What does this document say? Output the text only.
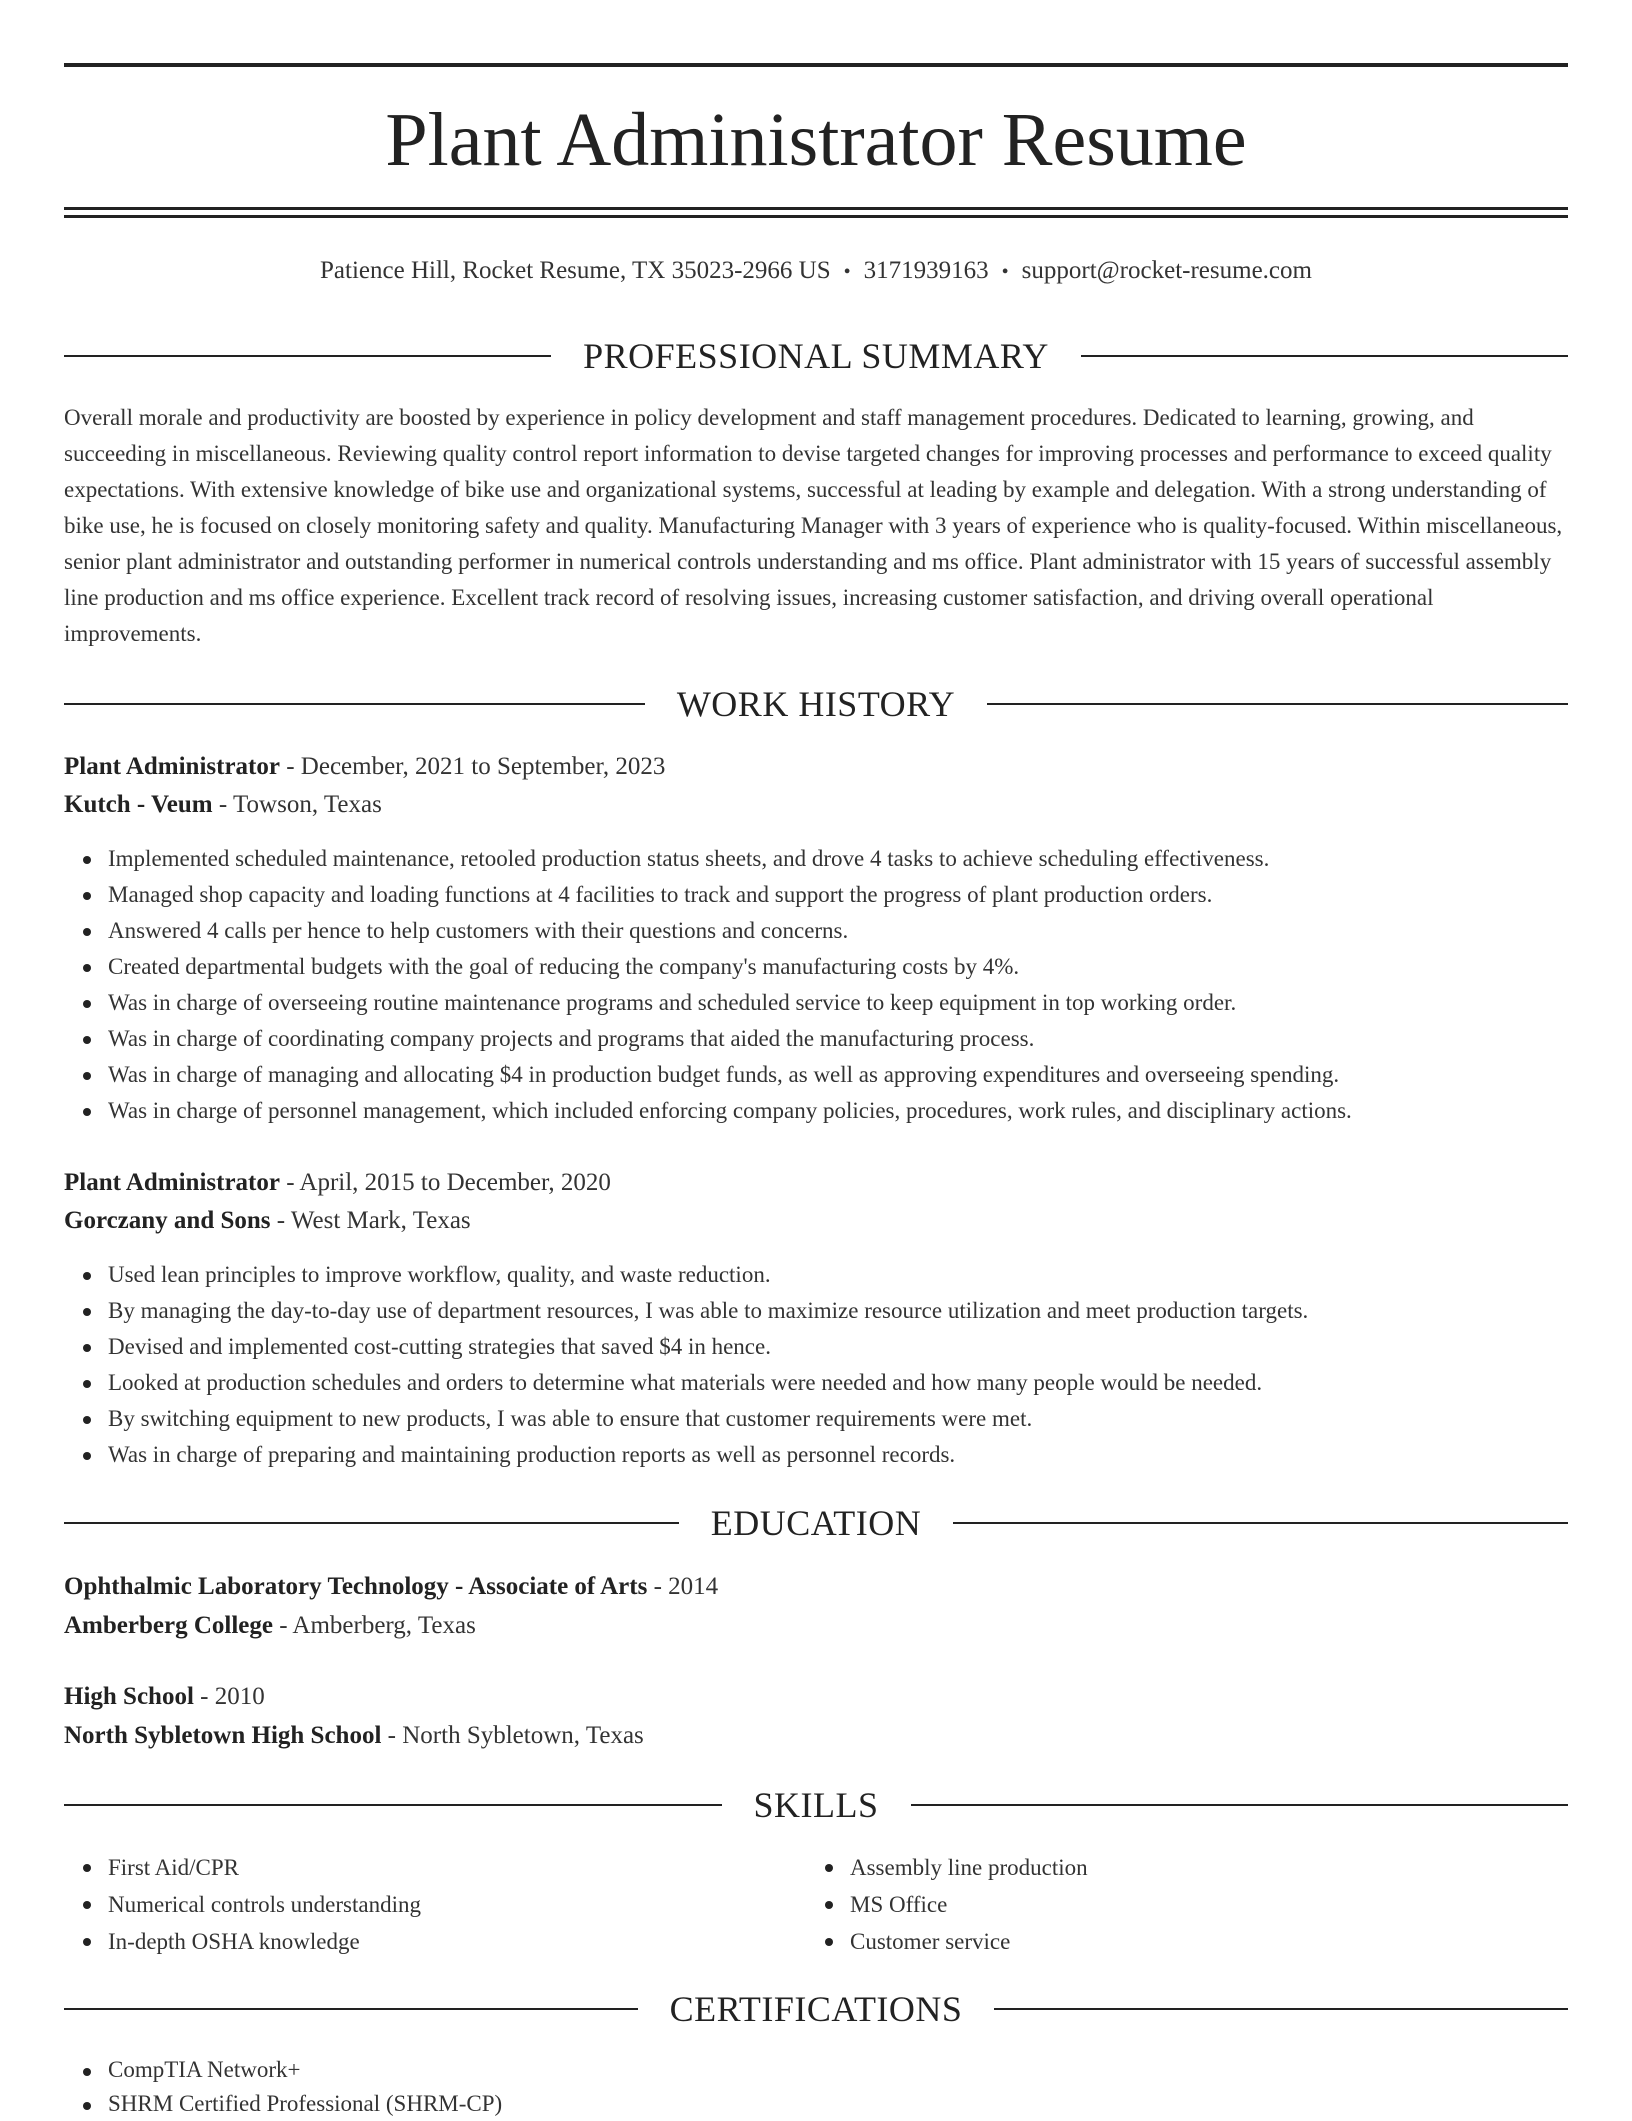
Plant Administrator Resume
Patience Hill, Rocket Resume, TX 35023-2966 US • 3171939163 • support@rocket-resume.com
PROFESSIONAL SUMMARY

Overall morale and productivity are boosted by experience in policy development and staff management procedures. Dedicated to learning, growing, and succeeding in miscellaneous. Reviewing quality control report information to devise targeted changes for improving processes and performance to exceed quality expectations. With extensive knowledge of bike use and organizational systems, successful at leading by example and delegation. With a strong understanding of bike use, he is focused on closely monitoring safety and quality. Manufacturing Manager with 3 years of experience who is quality-focused. Within miscellaneous, senior plant administrator and outstanding performer in numerical controls understanding and ms office. Plant administrator with 15 years of successful assembly line production and ms office experience. Excellent track record of resolving issues, increasing customer satisfaction, and driving overall operational improvements.

WORK HISTORY
Plant Administrator - December, 2021 to September, 2023
Kutch - Veum - Towson, Texas
Implemented scheduled maintenance, retooled production status sheets, and drove 4 tasks to achieve scheduling effectiveness.
Managed shop capacity and loading functions at 4 facilities to track and support the progress of plant production orders.
Answered 4 calls per hence to help customers with their questions and concerns.
Created departmental budgets with the goal of reducing the company's manufacturing costs by 4%.
Was in charge of overseeing routine maintenance programs and scheduled service to keep equipment in top working order.
Was in charge of coordinating company projects and programs that aided the manufacturing process.
Was in charge of managing and allocating $4 in production budget funds, as well as approving expenditures and overseeing spending.
Was in charge of personnel management, which included enforcing company policies, procedures, work rules, and disciplinary actions.
Plant Administrator - April, 2015 to December, 2020
Gorczany and Sons - West Mark, Texas
Used lean principles to improve workflow, quality, and waste reduction.
By managing the day-to-day use of department resources, I was able to maximize resource utilization and meet production targets.
Devised and implemented cost-cutting strategies that saved $4 in hence.
Looked at production schedules and orders to determine what materials were needed and how many people would be needed.
By switching equipment to new products, I was able to ensure that customer requirements were met.
Was in charge of preparing and maintaining production reports as well as personnel records.
EDUCATION
Ophthalmic Laboratory Technology - Associate of Arts - 2014
Amberberg College - Amberberg, Texas
High School - 2010
North Sybletown High School - North Sybletown, Texas
SKILLS
First Aid/CPR
Numerical controls understanding
In-depth OSHA knowledge
Assembly line production
MS Office
Customer service
CERTIFICATIONS
CompTIA Network+
SHRM Certified Professional (SHRM-CP)
